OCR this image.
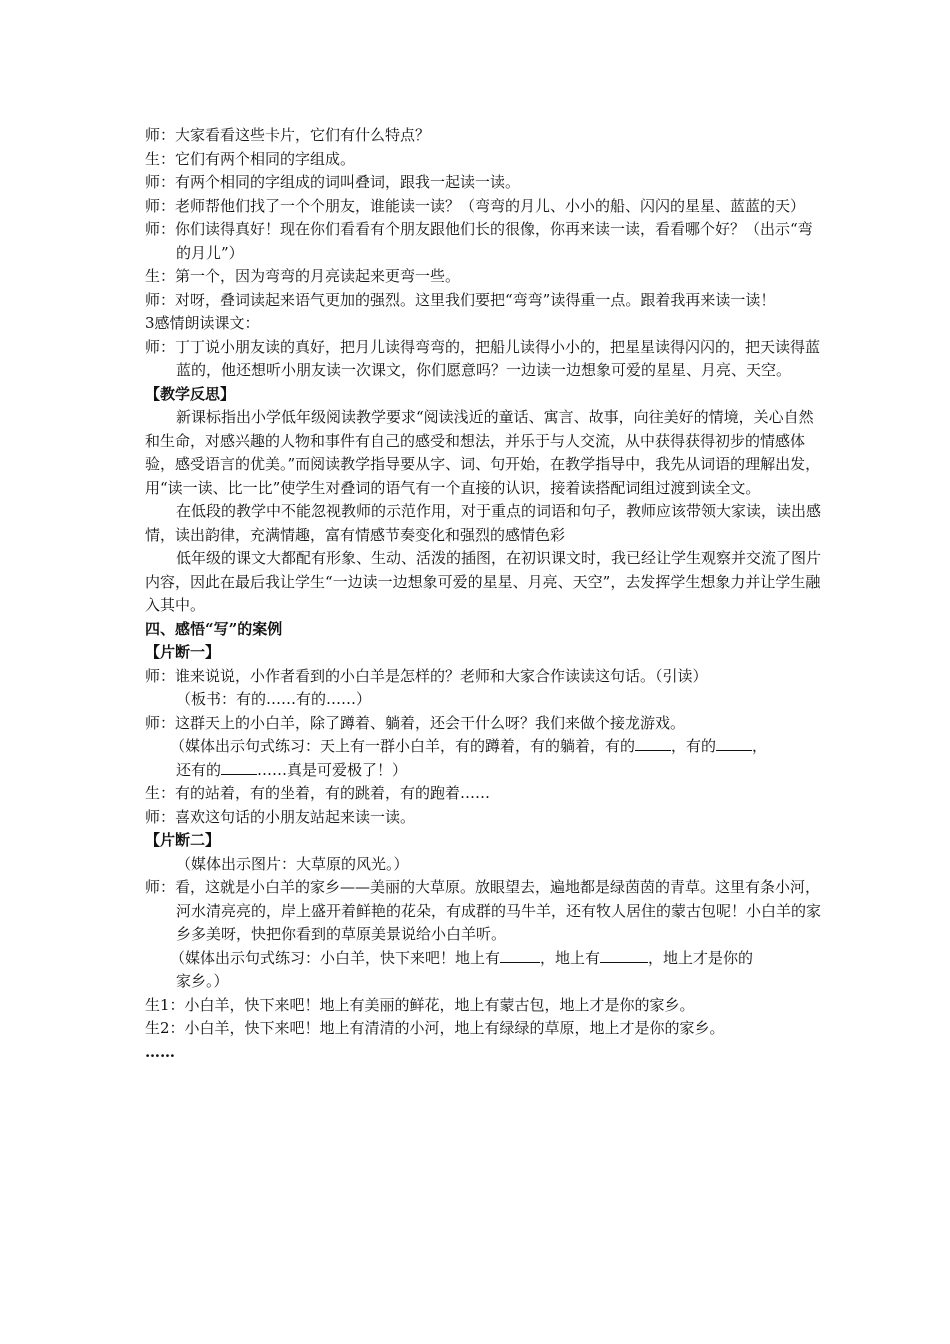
师：大家看看这些卡片，它们有什么特点？

生：它们有两个相同的字组成。

师：有两个相同的字组成的词叫叠词，跟我一起读一读。

师：老师帮他们找了一个个朋友，谁能读一读？（弯弯的月儿、小小的船、闪闪的星星、蓝蓝的天）

师：你们读得真好！现在你们看看有个朋友跟他们长的很像，你再来读一读，看看哪个好？（出示“弯的月儿”）

生：第一个，因为弯弯的月亮读起来更弯一些。

师：对呀，叠词读起来语气更加的强烈。这里我们要把“弯弯”读得重一点。跟着我再来读一读！

3感情朗读课文：

师：丁丁说小朋友读的真好，把月儿读得弯弯的，把船儿读得小小的，把星星读得闪闪的，把天读得蓝蓝的，他还想听小朋友读一次课文，你们愿意吗？一边读一边想象可爱的星星、月亮、天空。

【教学反思】

新课标指出小学低年级阅读教学要求“阅读浅近的童话、寓言、故事，向往美好的情境，关心自然和生命，对感兴趣的人物和事件有自己的感受和想法，并乐于与人交流，从中获得获得初步的情感体验，感受语言的优美。”而阅读教学指导要从字、词、句开始，在教学指导中，我先从词语的理解出发，用“读一读、比一比”使学生对叠词的语气有一个直接的认识，接着读搭配词组过渡到读全文。

在低段的教学中不能忽视教师的示范作用，对于重点的词语和句子，教师应该带领大家读，读出感情，读出韵律，充满情趣，富有情感节奏变化和强烈的感情色彩

低年级的课文大都配有形象、生动、活泼的插图，在初识课文时，我已经让学生观察并交流了图片内容，因此在最后我让学生“一边读一边想象可爱的星星、月亮、天空”，去发挥学生想象力并让学生融入其中。

四、感悟“写”的案例

【片断一】

师：谁来说说，小作者看到的小白羊是怎样的？老师和大家合作读读这句话。（引读）

（板书：有的……有的……）

师：这群天上的小白羊，除了蹲着、躺着，还会干什么呀？我们来做个接龙游戏。

（媒体出示句式练习：天上有一群小白羊，有的蹲着，有的躺着，有的 ，有的 ，

还有的 ……真是可爱极了！）

生：有的站着，有的坐着，有的跳着，有的跑着……

师：喜欢这句话的小朋友站起来读一读。

【片断二】

（媒体出示图片：大草原的风光。）

师：看，这就是小白羊的家乡——美丽的大草原。放眼望去，遍地都是绿茵茵的青草。这里有条小河，河水清亮亮的，岸上盛开着鲜艳的花朵，有成群的马牛羊，还有牧人居住的蒙古包呢！小白羊的家乡多美呀，快把你看到的草原美景说给小白羊听。

（媒体出示句式练习：小白羊，快下来吧！地上有	，地上有	，地上才是你的

家乡。）

生1：小白羊，快下来吧！地上有美丽的鲜花，地上有蒙古包，地上才是你的家乡。

生2：小白羊，快下来吧！地上有清清的小河，地上有绿绿的草原，地上才是你的家乡。

……
